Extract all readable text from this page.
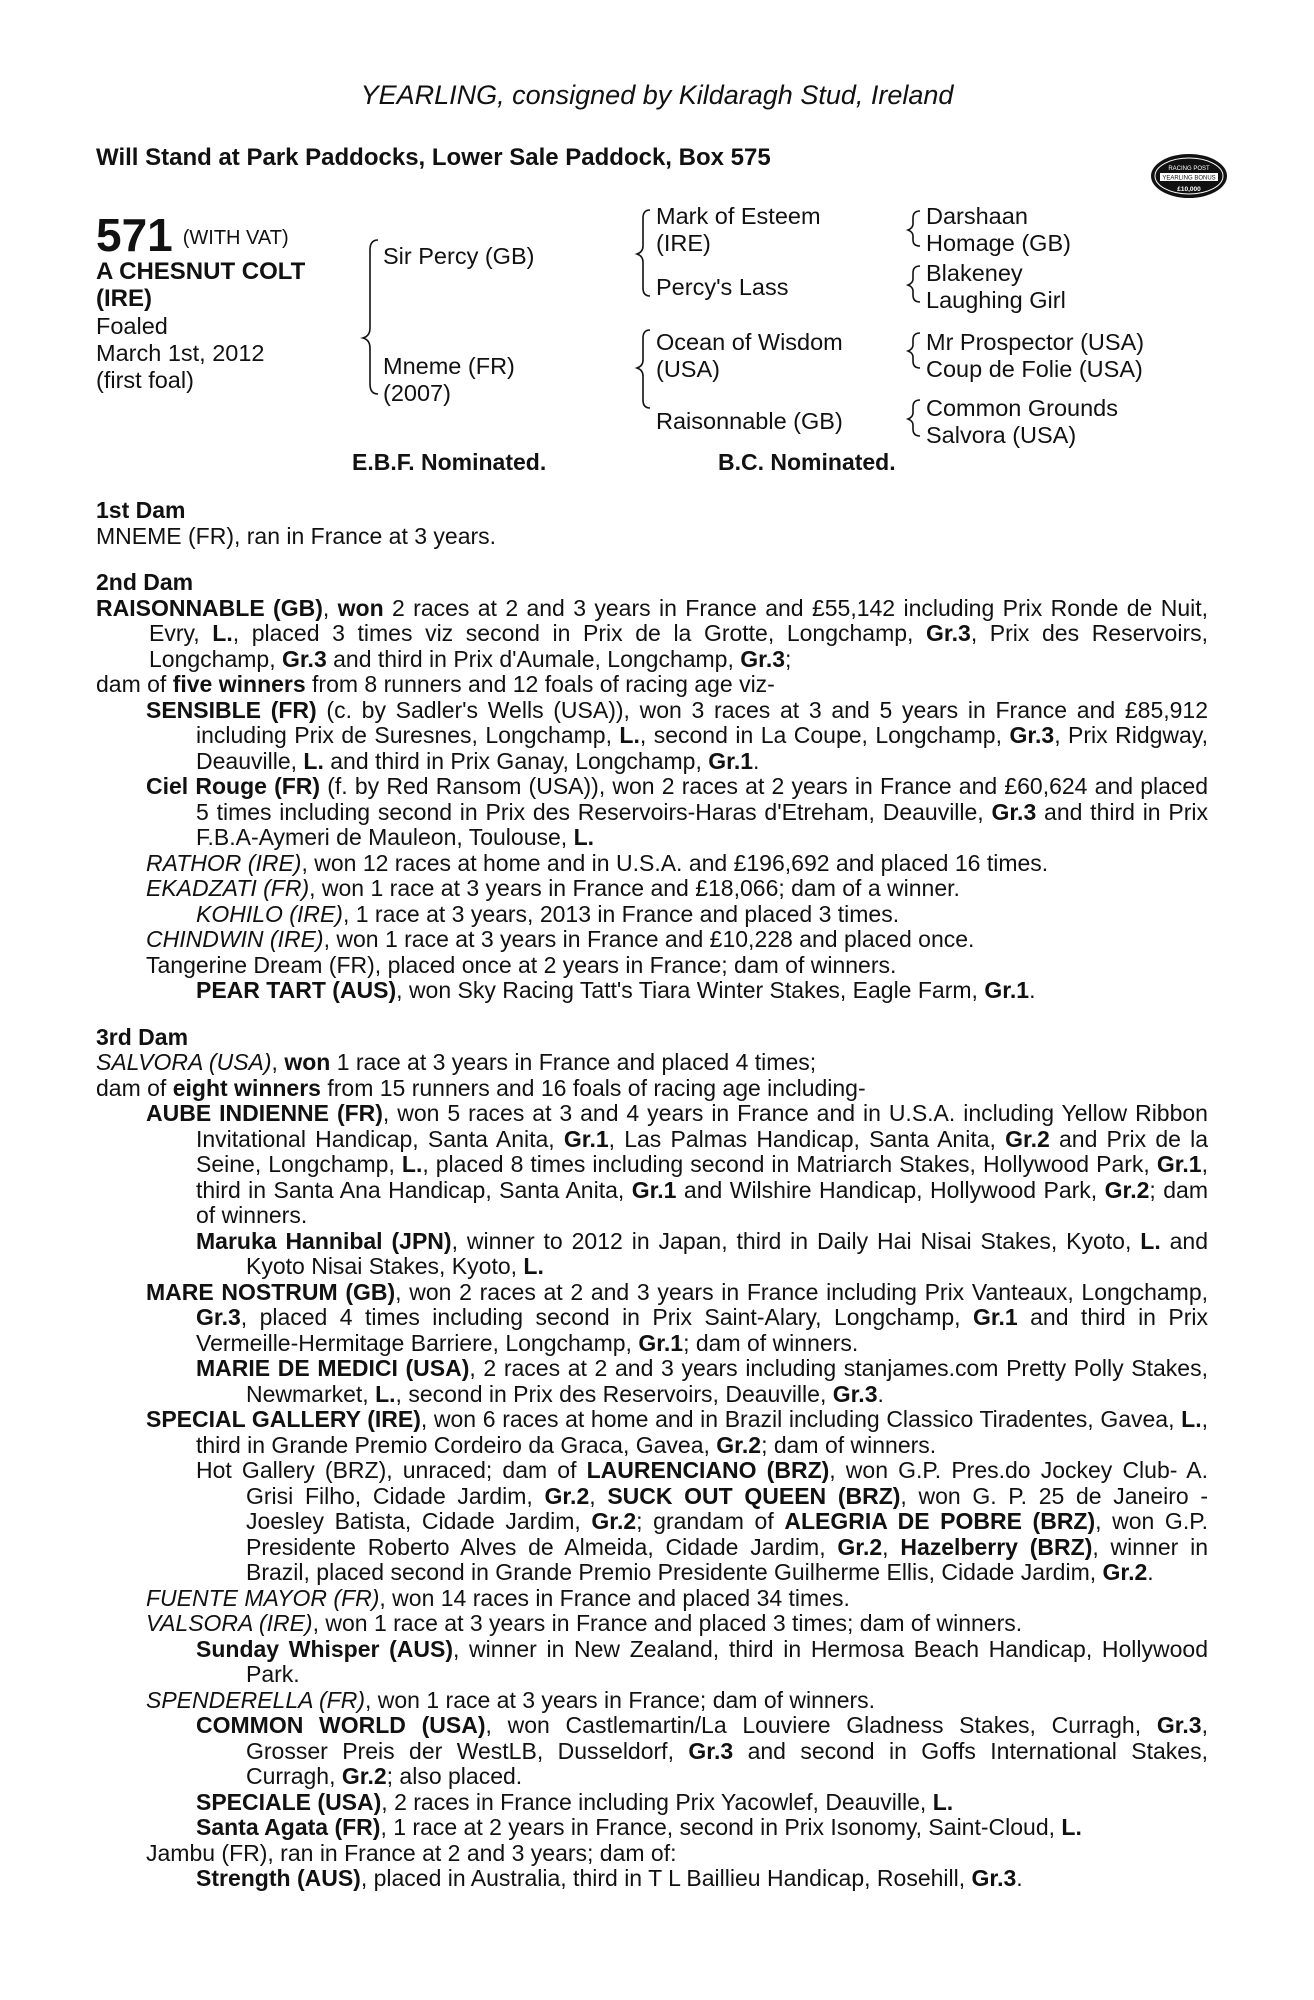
YEARLING, consigned by Kildaragh Stud, Ireland
Will Stand at Park Paddocks, Lower Sale Paddock, Box 575	RACING POST
YEARLING BONUS
£10,000
571 (WITH VAT)
A CHESNUT COLT
(IRE)
Foaled
March 1st, 2012
(first foal)
Sir Percy (GB)
Mneme (FR)
(2007)
Mark of Esteem
(IRE)
Percy's Lass
Ocean of Wisdom
(USA)
Raisonnable (GB)
Darshaan
Homage (GB)
Blakeney
Laughing Girl
Mr Prospector (USA)
Coup de Folie (USA)
Common Grounds
Salvora (USA)
E.B.F. Nominated.	B.C. Nominated.
1st Dam
MNEME (FR), ran in France at 3 years.
2nd Dam
RAISONNABLE (GB), won 2 races at 2 and 3 years in France and £55,142 including Prix Ronde de Nuit, Evry, L., placed 3 times viz second in Prix de la Grotte, Longchamp, Gr.3, Prix des Reservoirs, Longchamp, Gr.3 and third in Prix d'Aumale, Longchamp, Gr.3;
dam of five winners from 8 runners and 12 foals of racing age viz-
SENSIBLE (FR) (c. by Sadler's Wells (USA)), won 3 races at 3 and 5 years in France and £85,912 including Prix de Suresnes, Longchamp, L., second in La Coupe, Longchamp, Gr.3, Prix Ridgway, Deauville, L. and third in Prix Ganay, Longchamp, Gr.1.
Ciel Rouge (FR) (f. by Red Ransom (USA)), won 2 races at 2 years in France and £60,624 and placed 5 times including second in Prix des Reservoirs-Haras d'Etreham, Deauville, Gr.3 and third in Prix F.B.A-Aymeri de Mauleon, Toulouse, L.
RATHOR (IRE), won 12 races at home and in U.S.A. and £196,692 and placed 16 times.
EKADZATI (FR), won 1 race at 3 years in France and £18,066; dam of a winner.
KOHILO (IRE), 1 race at 3 years, 2013 in France and placed 3 times.
CHINDWIN (IRE), won 1 race at 3 years in France and £10,228 and placed once.
Tangerine Dream (FR), placed once at 2 years in France; dam of winners.
PEAR TART (AUS), won Sky Racing Tatt's Tiara Winter Stakes, Eagle Farm, Gr.1.
3rd Dam
SALVORA (USA), won 1 race at 3 years in France and placed 4 times;
dam of eight winners from 15 runners and 16 foals of racing age including-
AUBE INDIENNE (FR), won 5 races at 3 and 4 years in France and in U.S.A. including Yellow Ribbon Invitational Handicap, Santa Anita, Gr.1, Las Palmas Handicap, Santa Anita, Gr.2 and Prix de la Seine, Longchamp, L., placed 8 times including second in Matriarch Stakes, Hollywood Park, Gr.1, third in Santa Ana Handicap, Santa Anita, Gr.1 and Wilshire Handicap, Hollywood Park, Gr.2; dam of winners.
Maruka Hannibal (JPN), winner to 2012 in Japan, third in Daily Hai Nisai Stakes, Kyoto, L. and Kyoto Nisai Stakes, Kyoto, L.
MARE NOSTRUM (GB), won 2 races at 2 and 3 years in France including Prix Vanteaux, Longchamp, Gr.3, placed 4 times including second in Prix Saint-Alary, Longchamp, Gr.1 and third in Prix Vermeille-Hermitage Barriere, Longchamp, Gr.1; dam of winners.
MARIE DE MEDICI (USA), 2 races at 2 and 3 years including stanjames.com Pretty Polly Stakes, Newmarket, L., second in Prix des Reservoirs, Deauville, Gr.3.
SPECIAL GALLERY (IRE), won 6 races at home and in Brazil including Classico Tiradentes, Gavea, L., third in Grande Premio Cordeiro da Graca, Gavea, Gr.2; dam of winners.
Hot Gallery (BRZ), unraced; dam of LAURENCIANO (BRZ), won G.P. Pres.do Jockey Club- A. Grisi Filho, Cidade Jardim, Gr.2, SUCK OUT QUEEN (BRZ), won G. P. 25 de Janeiro - Joesley Batista, Cidade Jardim, Gr.2; grandam of ALEGRIA DE POBRE (BRZ), won G.P. Presidente Roberto Alves de Almeida, Cidade Jardim, Gr.2, Hazelberry (BRZ), winner in Brazil, placed second in Grande Premio Presidente Guilherme Ellis, Cidade Jardim, Gr.2.
FUENTE MAYOR (FR), won 14 races in France and placed 34 times.
VALSORA (IRE), won 1 race at 3 years in France and placed 3 times; dam of winners.
Sunday Whisper (AUS), winner in New Zealand, third in Hermosa Beach Handicap, Hollywood Park.
SPENDERELLA (FR), won 1 race at 3 years in France; dam of winners.
COMMON WORLD (USA), won Castlemartin/La Louviere Gladness Stakes, Curragh, Gr.3, Grosser Preis der WestLB, Dusseldorf, Gr.3 and second in Goffs International Stakes, Curragh, Gr.2; also placed.
SPECIALE (USA), 2 races in France including Prix Yacowlef, Deauville, L.
Santa Agata (FR), 1 race at 2 years in France, second in Prix Isonomy, Saint-Cloud, L.
Jambu (FR), ran in France at 2 and 3 years; dam of:
Strength (AUS), placed in Australia, third in T L Baillieu Handicap, Rosehill, Gr.3.
